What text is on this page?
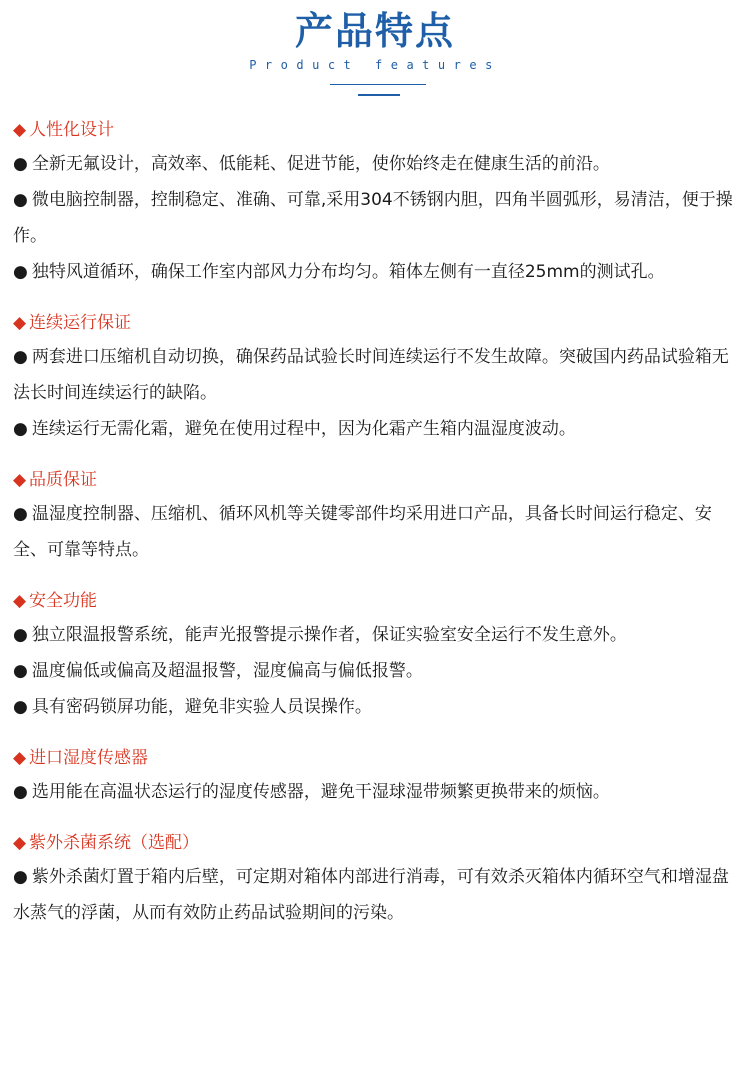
产品特点
Product features
◆ 人性化设计
● 全新无氟设计，高效率、低能耗、促进节能，使你始终走在健康生活的前沿。
● 微电脑控制器，控制稳定、准确、可靠,采用304不锈钢内胆，四角半圆弧形，易清洁，便于操作。
● 独特风道循环，确保工作室内部风力分布均匀。箱体左侧有一直径25mm的测试孔。
◆ 连续运行保证
● 两套进口压缩机自动切换，确保药品试验长时间连续运行不发生故障。突破国内药品试验箱无法长时间连续运行的缺陷。
● 连续运行无需化霜，避免在使用过程中，因为化霜产生箱内温湿度波动。
◆ 品质保证
● 温湿度控制器、压缩机、循环风机等关键零部件均采用进口产品，具备长时间运行稳定、安全、可靠等特点。
◆ 安全功能
● 独立限温报警系统，能声光报警提示操作者，保证实验室安全运行不发生意外。
● 温度偏低或偏高及超温报警，湿度偏高与偏低报警。
● 具有密码锁屏功能，避免非实验人员误操作。
◆ 进口湿度传感器
● 选用能在高温状态运行的湿度传感器，避免干湿球湿带频繁更换带来的烦恼。
◆ 紫外杀菌系统（选配）
● 紫外杀菌灯置于箱内后壁，可定期对箱体内部进行消毒，可有效杀灭箱体内循环空气和增湿盘水蒸气的浮菌，从而有效防止药品试验期间的污染。
